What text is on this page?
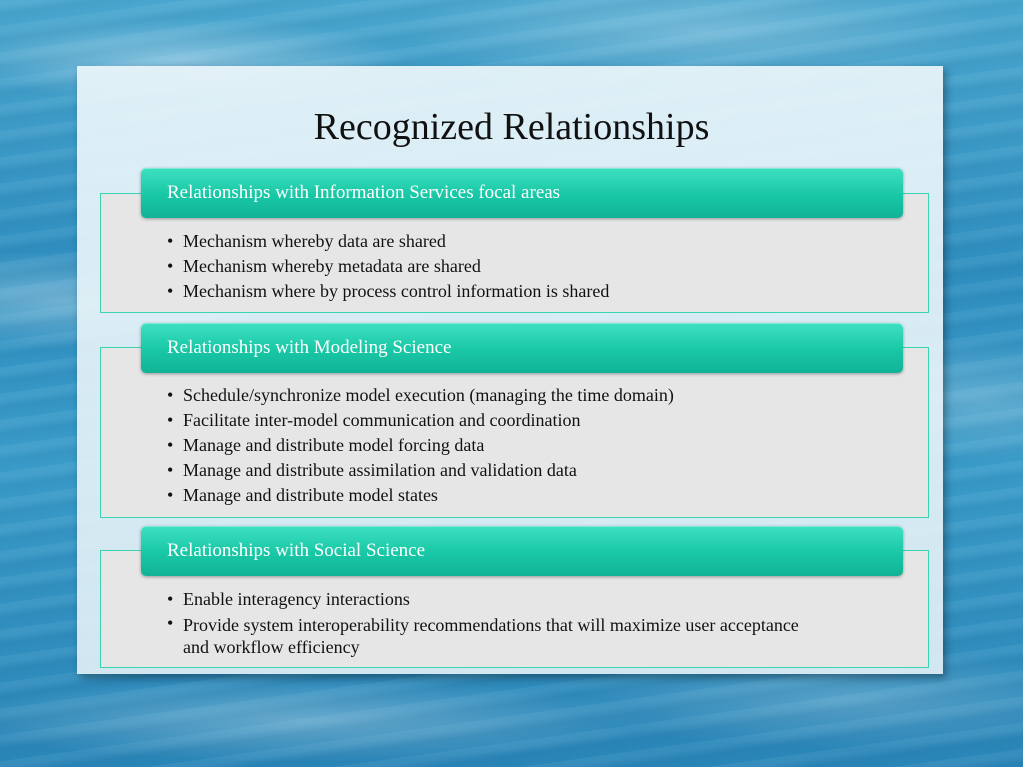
Recognized Relationships
Relationships with Information Services focal areas
• Mechanism whereby data are shared
• Mechanism whereby metadata are shared
• Mechanism where by process control information is shared
Relationships with Modeling Science
• Schedule/synchronize model execution (managing the time domain)
• Facilitate inter-model communication and coordination
• Manage and distribute model forcing data
• Manage and distribute assimilation and validation data
• Manage and distribute model states
Relationships with Social Science
• Enable interagency interactions
• Provide system interoperability recommendations that will maximize user acceptance and workflow efficiency
